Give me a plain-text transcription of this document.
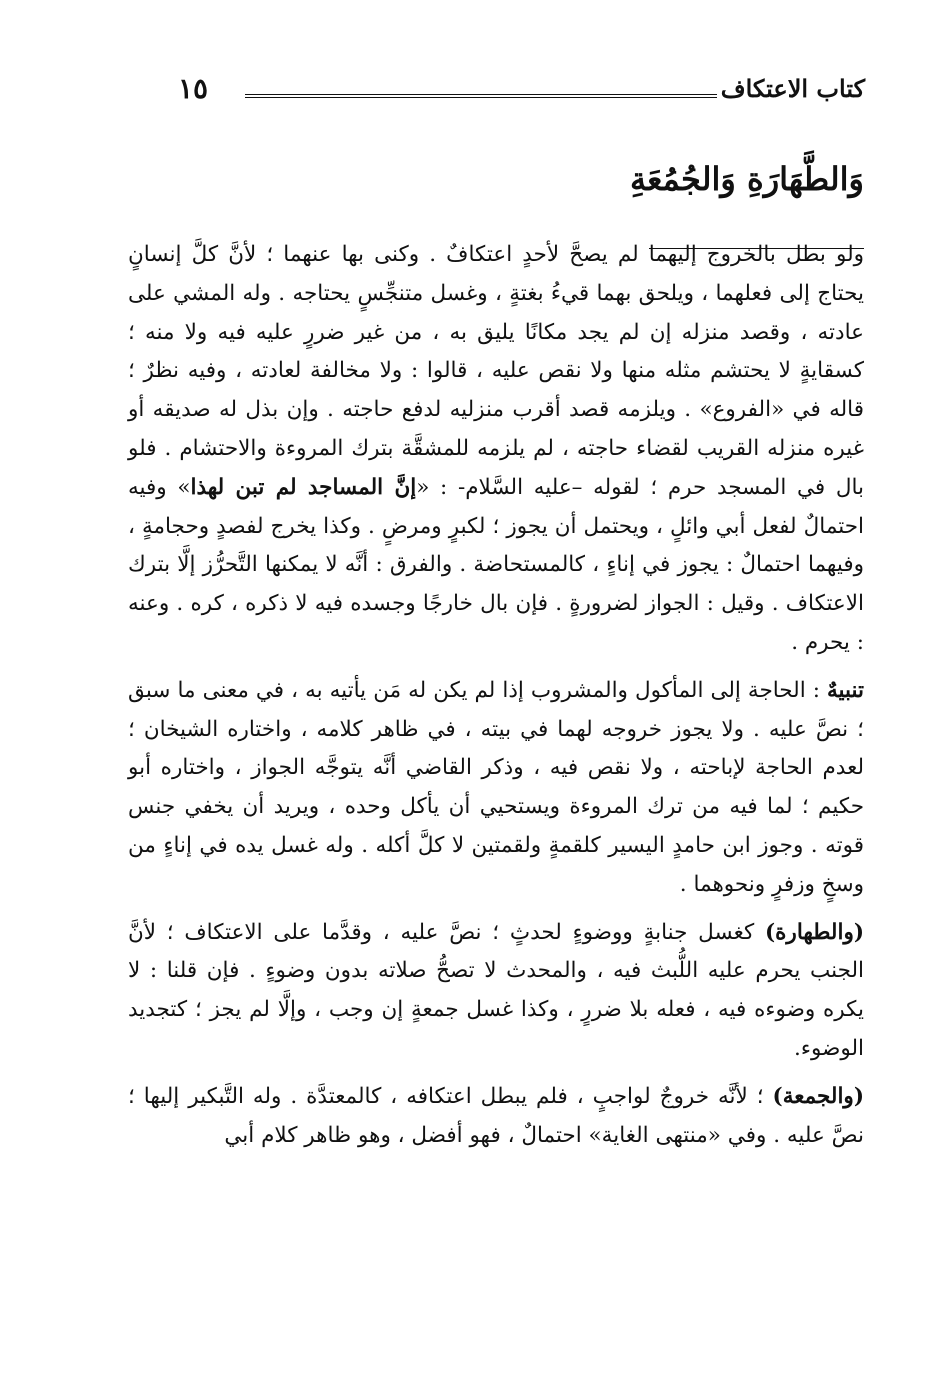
كتاب الاعتكاف
١٥
وَالطَّهَارَةِ وَالجُمُعَةِ

ولو بطل بالخروج إليهما لم يصحَّ لأحدٍ اعتكافٌ . وكنى بها عنهما ؛ لأنَّ كلَّ إنسانٍ يحتاج إلى فعلهما ، ويلحق بهما قيءُ بغتةٍ ، وغسل متنجِّسٍ يحتاجه . وله المشي على عادته ، وقصد منزله إن لم يجد مكانًا يليق به ، من غير ضررٍ عليه فيه ولا منه ؛ كسقايةٍ لا يحتشم مثله منها ولا نقص عليه ، قالوا : ولا مخالفة لعادته ، وفيه نظرٌ ؛ قاله في «الفروع» . ويلزمه قصد أقرب منزليه لدفع حاجته . وإن بذل له صديقه أو غيره منزله القريب لقضاء حاجته ، لم يلزمه للمشقَّة بترك المروءة والاحتشام . فلو بال في المسجد حرم ؛ لقوله –عليه السَّلام- : «إنَّ المساجد لم تبن لهذا» وفيه احتمالٌ لفعل أبي وائلٍ ، ويحتمل أن يجوز ؛ لكبرٍ ومرضٍ . وكذا يخرج لفصدٍ وحجامةٍ ، وفيهما احتمالٌ : يجوز في إناءٍ ، كالمستحاضة . والفرق : أنَّه لا يمكنها التَّحرُّز إلَّا بترك الاعتكاف . وقيل : الجواز لضرورةٍ . فإن بال خارجًا وجسده فيه لا ذكره ، كره . وعنه : يحرم .

تنبيهٌ : الحاجة إلى المأكول والمشروب إذا لم يكن له مَن يأتيه به ، في معنى ما سبق ؛ نصَّ عليه . ولا يجوز خروجه لهما في بيته ، في ظاهر كلامه ، واختاره الشيخان ؛ لعدم الحاجة لإباحته ، ولا نقص فيه ، وذكر القاضي أنَّه يتوجَّه الجواز ، واختاره أبو حكيم ؛ لما فيه من ترك المروءة ويستحيي أن يأكل وحده ، ويريد أن يخفي جنس قوته . وجوز ابن حامدٍ اليسير كلقمةٍ ولقمتين لا كلَّ أكله . وله غسل يده في إناءٍ من وسخٍ وزفرٍ ونحوهما .

(والطهارة) كغسل جنابةٍ ووضوءٍ لحدثٍ ؛ نصَّ عليه ، وقدَّما على الاعتكاف ؛ لأنَّ الجنب يحرم عليه اللُّبث فيه ، والمحدث لا تصحُّ صلاته بدون وضوءٍ . فإن قلنا : لا يكره وضوءه فيه ، فعله بلا ضررٍ ، وكذا غسل جمعةٍ إن وجب ، وإلَّا لم يجز ؛ كتجديد الوضوء.

(والجمعة) ؛ لأنَّه خروجٌ لواجبٍ ، فلم يبطل اعتكافه ، كالمعتدَّة . وله التَّبكير إليها ؛ نصَّ عليه . وفي «منتهى الغاية» احتمالٌ ، فهو أفضل ، وهو ظاهر كلام أبي
